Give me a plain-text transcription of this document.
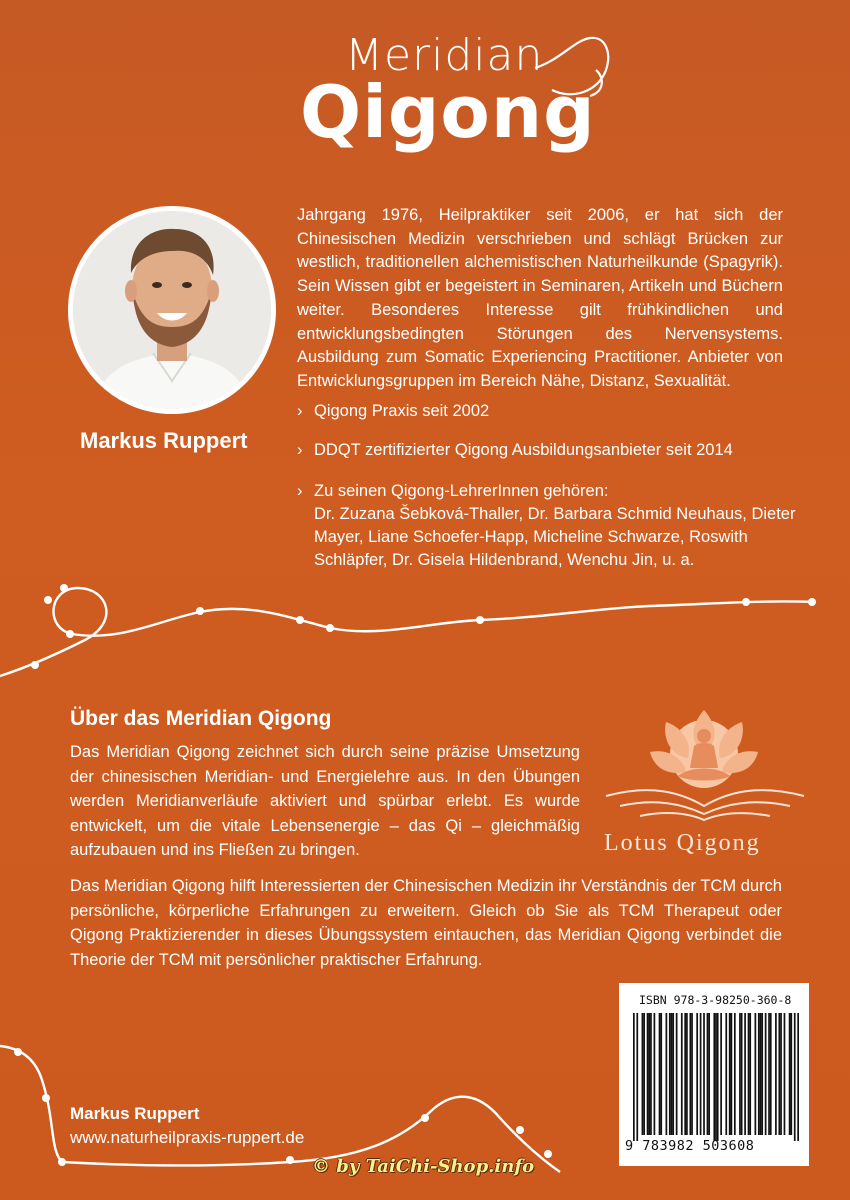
Meridian
Qigong
Markus Ruppert
Jahrgang 1976, Heilpraktiker seit 2006, er hat sich der Chinesischen Medizin verschrieben und schlägt Brücken zur westlich, traditionellen alchemistischen Naturheilkunde (Spagyrik). Sein Wissen gibt er begeistert in Seminaren, Artikeln und Büchern weiter. Besonderes Interesse gilt frühkindlichen und entwicklungsbedingten Störungen des Nervensystems. Ausbildung zum Somatic Experiencing Practitioner. Anbieter von Entwicklungsgruppen im Bereich Nähe, Distanz, Sexualität.
› Qigong Praxis seit 2002
› DDQT zertifizierter Qigong Ausbildungsanbieter seit 2014
› Zu seinen Qigong-LehrerInnen gehören:
Dr. Zuzana Šebková-Thaller, Dr. Barbara Schmid Neuhaus, Dieter Mayer, Liane Schoefer-Happ, Micheline Schwarze, Roswith Schläpfer, Dr. Gisela Hildenbrand, Wenchu Jin, u. a.
Über das Meridian Qigong
Das Meridian Qigong zeichnet sich durch seine präzise Umsetzung der chinesischen Meridian- und Energielehre aus. In den Übungen werden Meridianverläufe aktiviert und spürbar erlebt. Es wurde entwickelt, um die vitale Lebensenergie – das Qi – gleichmäßig aufzubauen und ins Fließen zu bringen.
Das Meridian Qigong hilft Interessierten der Chinesischen Medizin ihr Verständnis der TCM durch persönliche, körperliche Erfahrungen zu erweitern. Gleich ob Sie als TCM Therapeut oder Qigong Praktizierender in dieses Übungssystem eintauchen, das Meridian Qigong verbindet die Theorie der TCM mit persönlicher praktischer Erfahrung.
Lotus Qigong
ISBN 978-3-98250-360-8
9 783982 503608
Markus Ruppert
www.naturheilpraxis-ruppert.de
© by TaiChi-Shop.info
